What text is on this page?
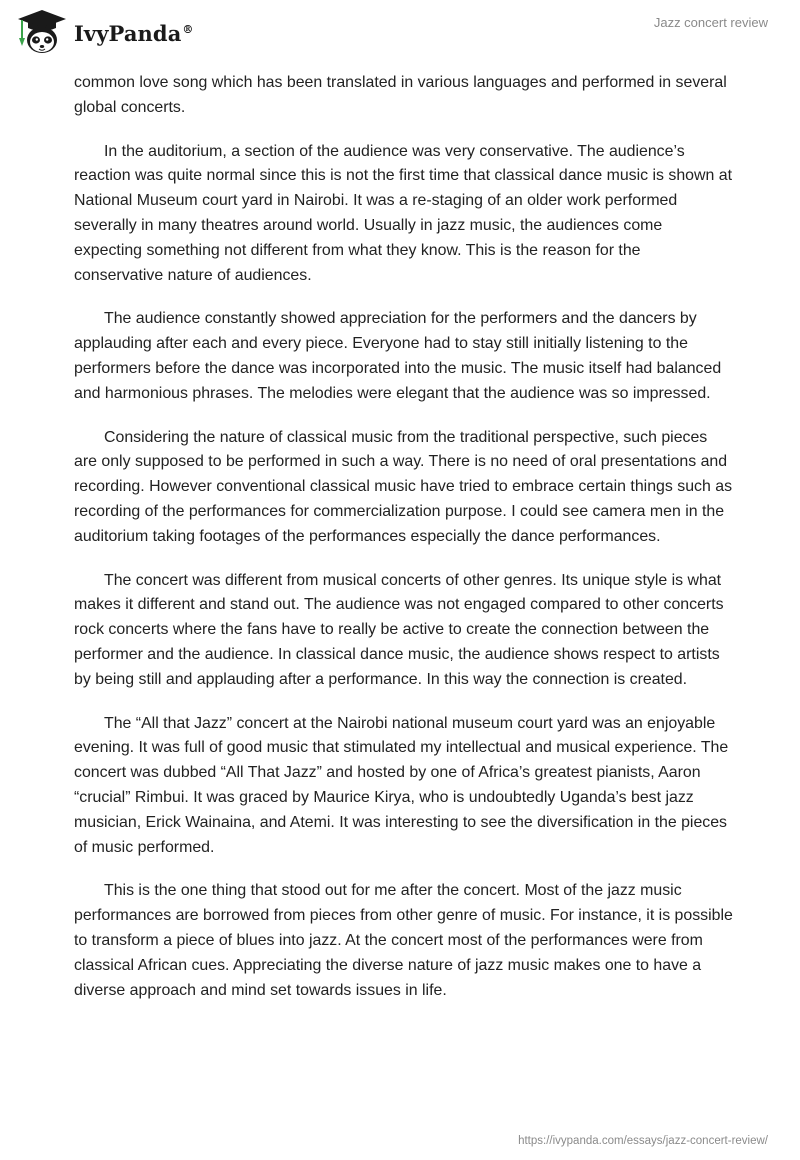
IvyPanda®	Jazz concert review

common love song which has been translated in various languages and performed in several global concerts.

In the auditorium, a section of the audience was very conservative. The audience’s reaction was quite normal since this is not the first time that classical dance music is shown at National Museum court yard in Nairobi. It was a re-staging of an older work performed severally in many theatres around world. Usually in jazz music, the audiences come expecting something not different from what they know. This is the reason for the conservative nature of audiences.

The audience constantly showed appreciation for the performers and the dancers by applauding after each and every piece. Everyone had to stay still initially listening to the performers before the dance was incorporated into the music. The music itself had balanced and harmonious phrases. The melodies were elegant that the audience was so impressed.

Considering the nature of classical music from the traditional perspective, such pieces are only supposed to be performed in such a way. There is no need of oral presentations and recording. However conventional classical music have tried to embrace certain things such as recording of the performances for commercialization purpose. I could see camera men in the auditorium taking footages of the performances especially the dance performances.

The concert was different from musical concerts of other genres. Its unique style is what makes it different and stand out. The audience was not engaged compared to other concerts rock concerts where the fans have to really be active to create the connection between the performer and the audience. In classical dance music, the audience shows respect to artists by being still and applauding after a performance. In this way the connection is created.

The “All that Jazz” concert at the Nairobi national museum court yard was an enjoyable evening. It was full of good music that stimulated my intellectual and musical experience. The concert was dubbed “All That Jazz” and hosted by one of Africa’s greatest pianists, Aaron “crucial” Rimbui. It was graced by Maurice Kirya, who is undoubtedly Uganda’s best jazz musician, Erick Wainaina, and Atemi. It was interesting to see the diversification in the pieces of music performed.

This is the one thing that stood out for me after the concert. Most of the jazz music performances are borrowed from pieces from other genre of music. For instance, it is possible to transform a piece of blues into jazz. At the concert most of the performances were from classical African cues. Appreciating the diverse nature of jazz music makes one to have a diverse approach and mind set towards issues in life.

https://ivypanda.com/essays/jazz-concert-review/
